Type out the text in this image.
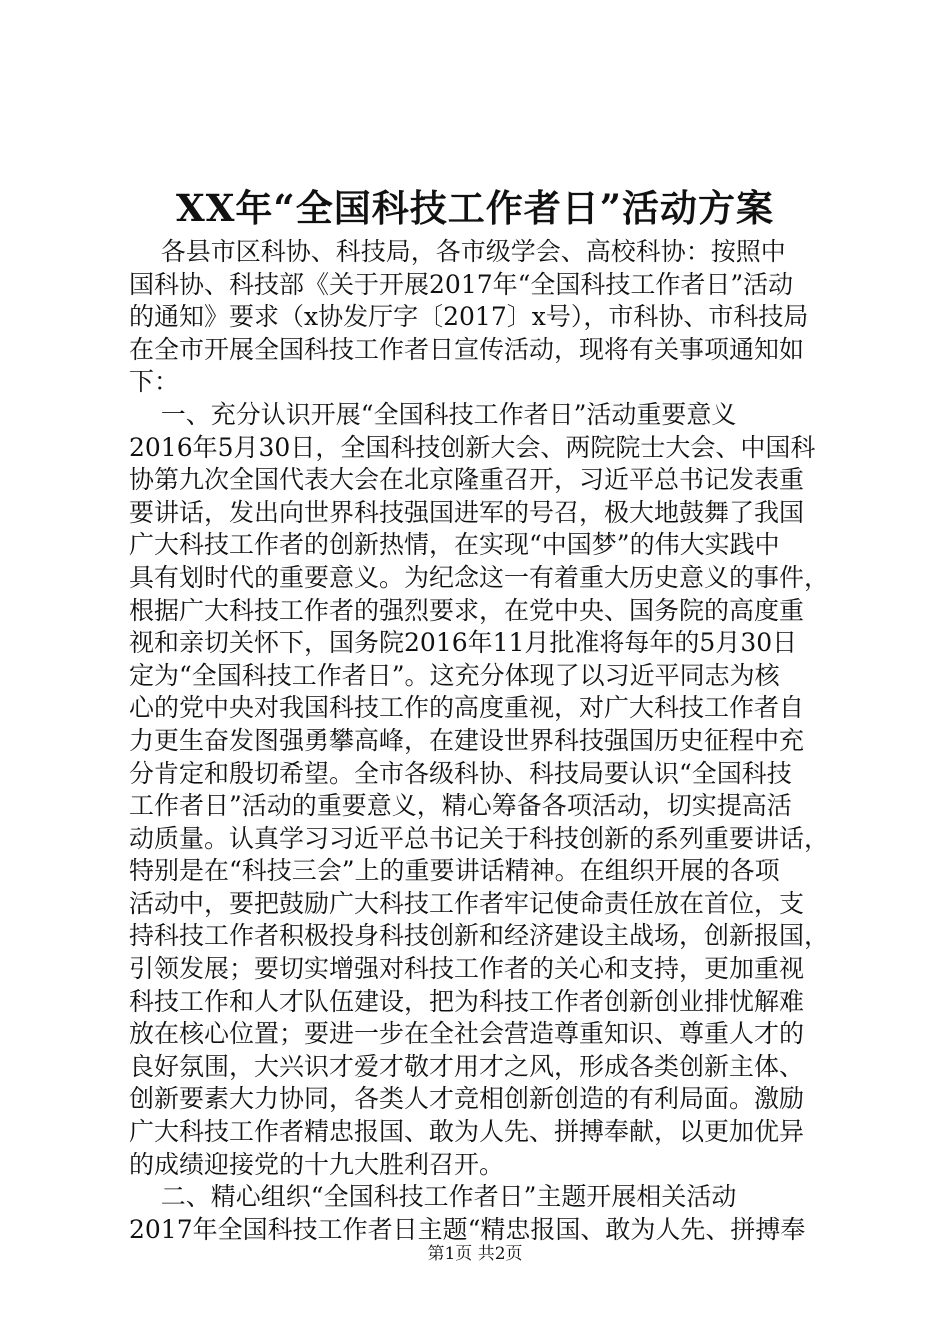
XX年“全国科技工作者日”活动方案
各县市区科协、科技局，各市级学会、高校科协：按照中
国科协、科技部《关于开展2017年“全国科技工作者日”活动
的通知》要求（x协发厅字〔2017〕x号），市科协、市科技局
在全市开展全国科技工作者日宣传活动，现将有关事项通知如
下：
一、充分认识开展“全国科技工作者日”活动重要意义
2016年5月30日，全国科技创新大会、两院院士大会、中国科
协第九次全国代表大会在北京隆重召开，习近平总书记发表重
要讲话，发出向世界科技强国进军的号召，极大地鼓舞了我国
广大科技工作者的创新热情，在实现“中国梦”的伟大实践中
具有划时代的重要意义。为纪念这一有着重大历史意义的事件，
根据广大科技工作者的强烈要求，在党中央、国务院的高度重
视和亲切关怀下，国务院2016年11月批准将每年的5月30日
定为“全国科技工作者日”。这充分体现了以习近平同志为核
心的党中央对我国科技工作的高度重视，对广大科技工作者自
力更生奋发图强勇攀高峰，在建设世界科技强国历史征程中充
分肯定和殷切希望。全市各级科协、科技局要认识“全国科技
工作者日”活动的重要意义，精心筹备各项活动，切实提高活
动质量。认真学习习近平总书记关于科技创新的系列重要讲话，
特别是在“科技三会”上的重要讲话精神。在组织开展的各项
活动中，要把鼓励广大科技工作者牢记使命责任放在首位，支
持科技工作者积极投身科技创新和经济建设主战场，创新报国，
引领发展；要切实增强对科技工作者的关心和支持，更加重视
科技工作和人才队伍建设，把为科技工作者创新创业排忧解难
放在核心位置；要进一步在全社会营造尊重知识、尊重人才的
良好氛围，大兴识才爱才敬才用才之风，形成各类创新主体、
创新要素大力协同，各类人才竞相创新创造的有利局面。激励
广大科技工作者精忠报国、敢为人先、拼搏奉献，以更加优异
的成绩迎接党的十九大胜利召开。
二、精心组织“全国科技工作者日”主题开展相关活动
2017年全国科技工作者日主题“精忠报国、敢为人先、拼搏奉
第1页 共2页
